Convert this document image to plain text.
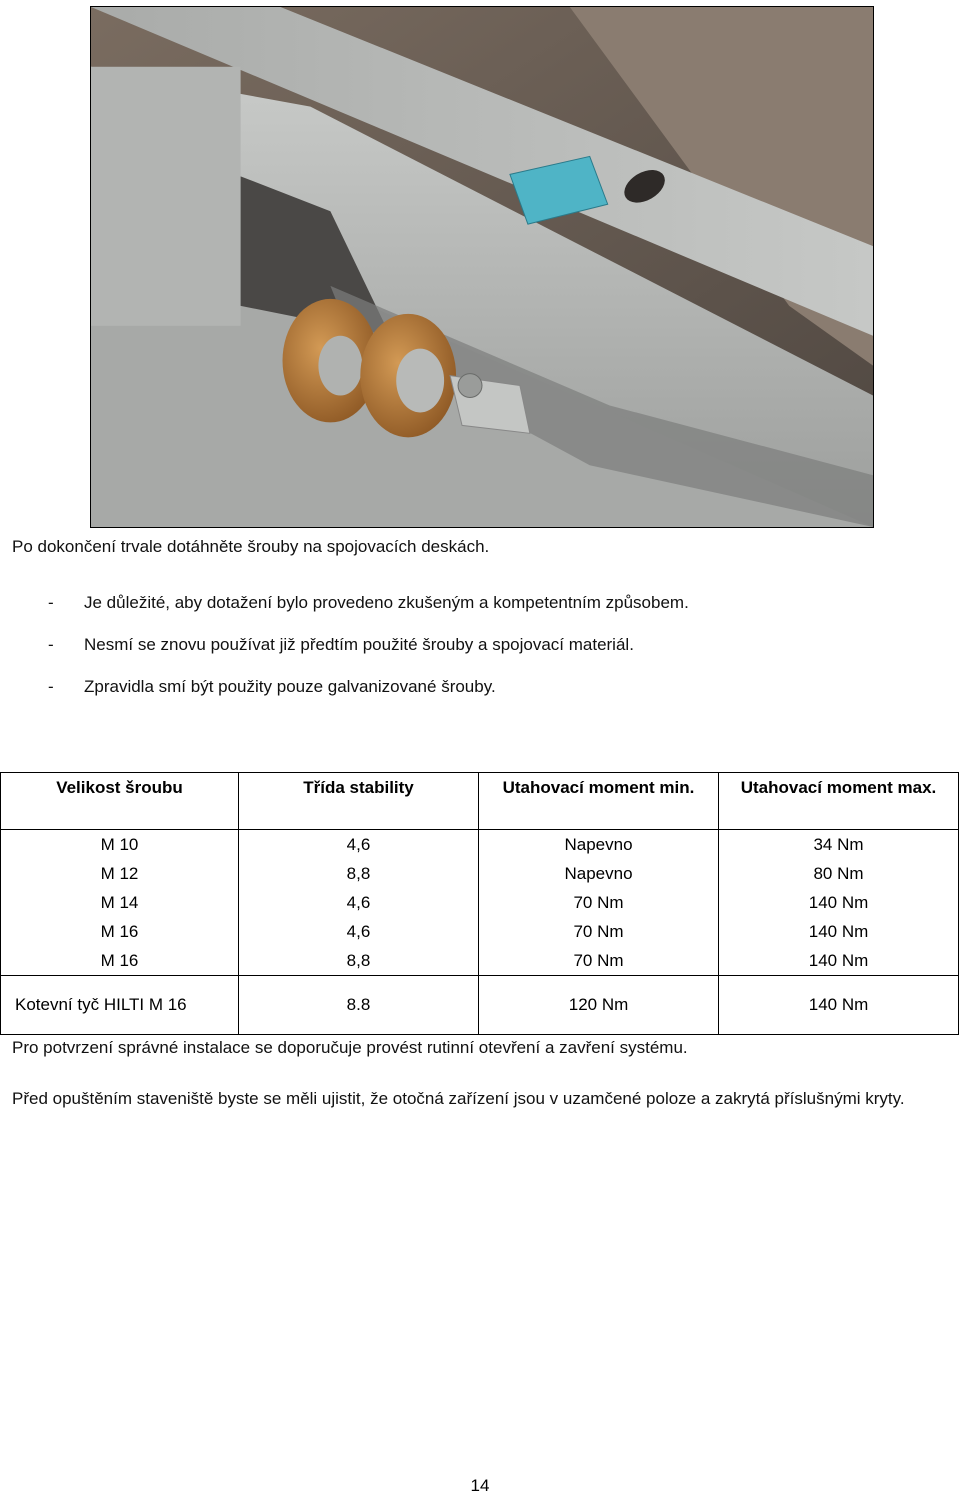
Po dokončení trvale dotáhněte šrouby na spojovacích deskách.
- Je důležité, aby dotažení bylo provedeno zkušeným a kompetentním způsobem.
- Nesmí se znovu používat již předtím použité šrouby a spojovací materiál.
- Zpravidla smí být použity pouze galvanizované šrouby.
Velikost šroubu	Třída stability	Utahovací moment min.	Utahovací moment max.
M 10	4,6	Napevno	34 Nm
M 12	8,8	Napevno	80 Nm
M 14	4,6	70 Nm	140 Nm
M 16	4,6	70 Nm	140 Nm
M 16	8,8	70 Nm	140 Nm
Kotevní tyč HILTI M 16	8.8	120 Nm	140 Nm
Pro potvrzení správné instalace se doporučuje provést rutinní otevření a zavření systému.
Před opuštěním staveniště byste se měli ujistit, že otočná zařízení jsou v uzamčené poloze a zakrytá příslušnými kryty.
14
